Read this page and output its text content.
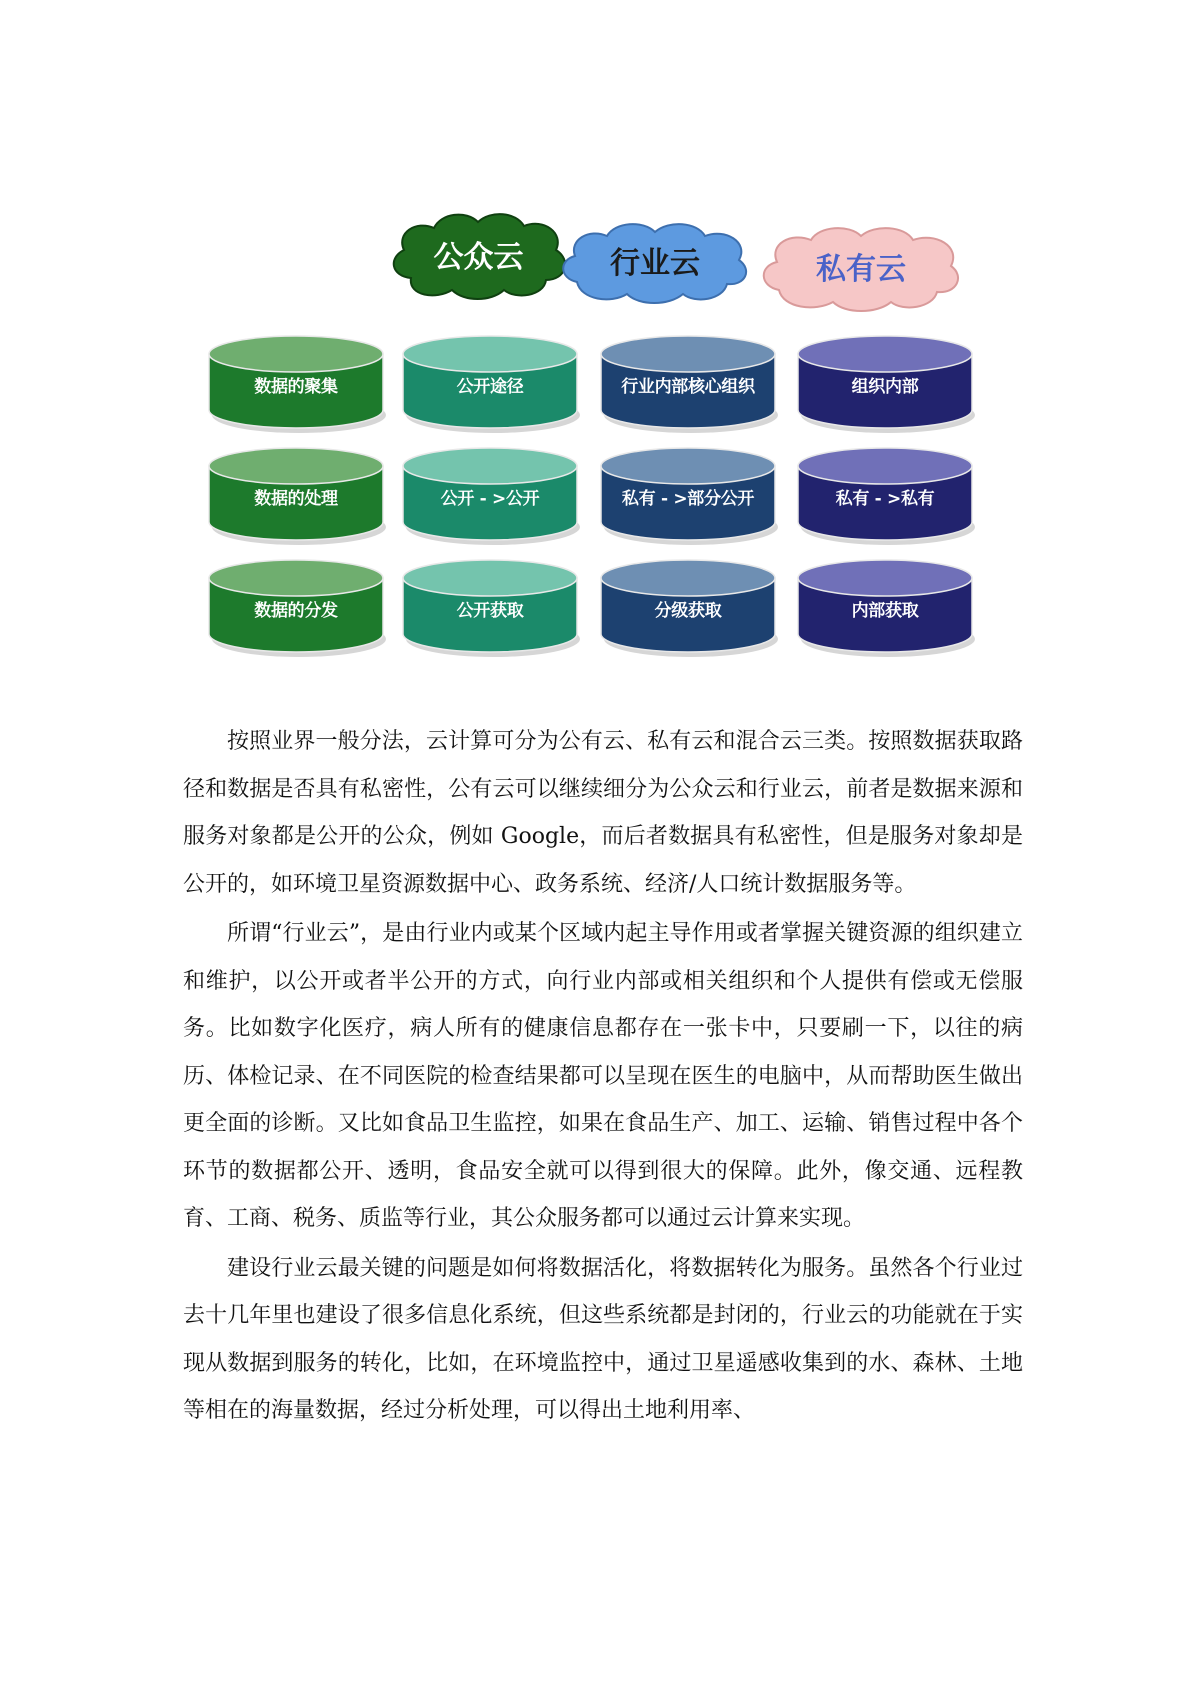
公众云	行业云	私有云
数据的聚集
数据的处理
数据的分发
公开途径
公开 - >公开
公开获取
行业内部核心组织
私有 - >部分公开
分级获取
组织内部
私有 - >私有
内部获取

按照业界一般分法，云计算可分为公有云、私有云和混合云三类。按照数据获取路径和数据是否具有私密性，公有云可以继续细分为公众云和行业云，前者是数据来源和服务对象都是公开的公众，例如 Google，而后者数据具有私密性，但是服务对象却是公开的，如环境卫星资源数据中心、政务系统、经济/人口统计数据服务等。

所谓“行业云”，是由行业内或某个区域内起主导作用或者掌握关键资源的组织建立和维护，以公开或者半公开的方式，向行业内部或相关组织和个人提供有偿或无偿服务。比如数字化医疗，病人所有的健康信息都存在一张卡中，只要刷一下，以往的病历、体检记录、在不同医院的检查结果都可以呈现在医生的电脑中，从而帮助医生做出更全面的诊断。又比如食品卫生监控，如果在食品生产、加工、运输、销售过程中各个环节的数据都公开、透明，食品安全就可以得到很大的保障。此外，像交通、远程教育、工商、税务、质监等行业，其公众服务都可以通过云计算来实现。

建设行业云最关键的问题是如何将数据活化，将数据转化为服务。虽然各个行业过去十几年里也建设了很多信息化系统，但这些系统都是封闭的，行业云的功能就在于实现从数据到服务的转化，比如，在环境监控中，通过卫星遥感收集到的水、森林、土地等相在的海量数据，经过分析处理，可以得出土地利用率、
